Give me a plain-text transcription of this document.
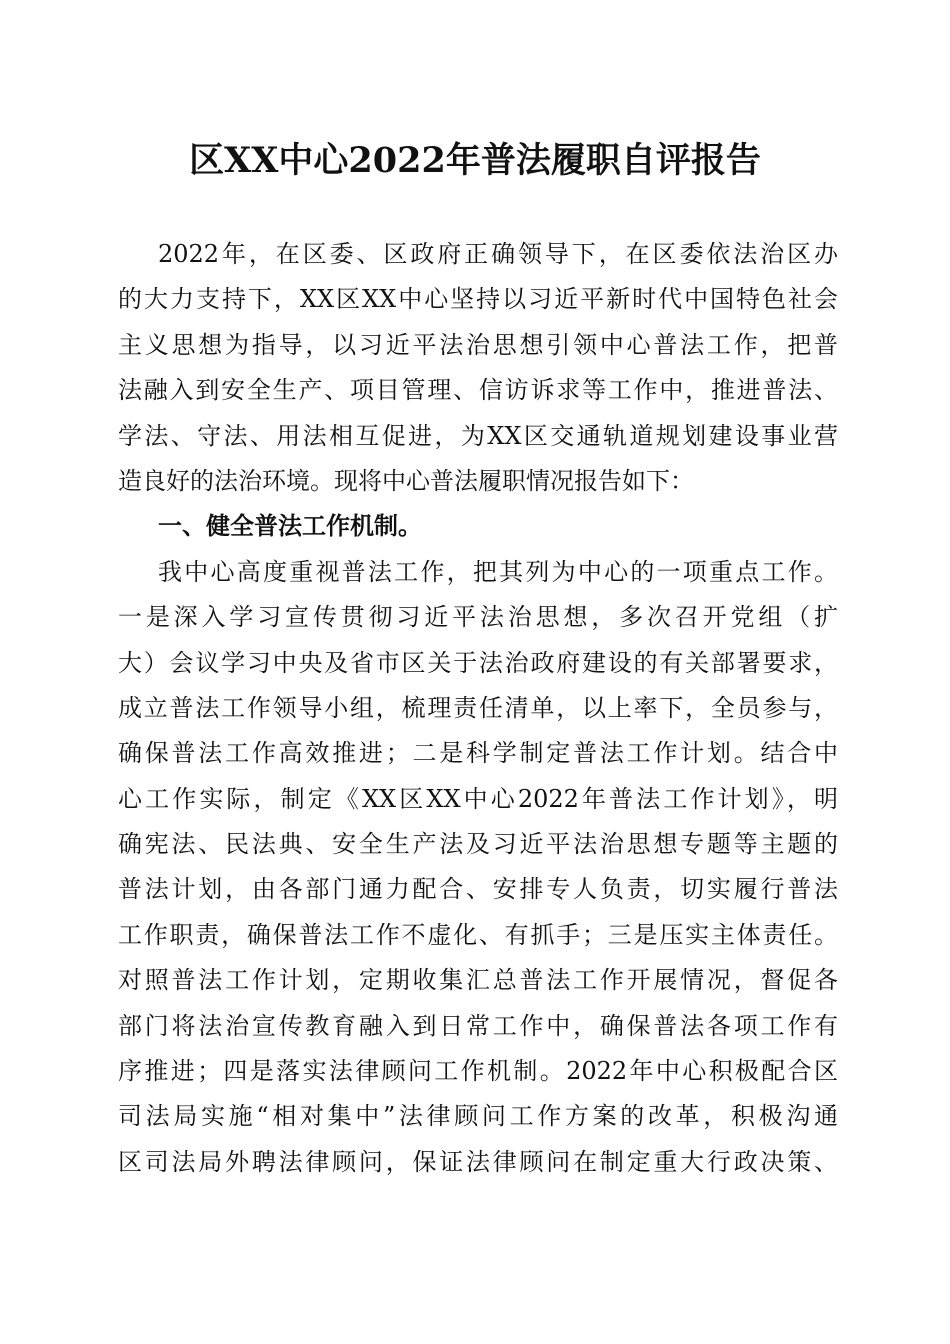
区XX中心2022年普法履职自评报告
2022年，在区委、区政府正确领导下，在区委依法治区办
的大力支持下，XX区XX中心坚持以习近平新时代中国特色社会
主义思想为指导，以习近平法治思想引领中心普法工作，把普
法融入到安全生产、项目管理、信访诉求等工作中，推进普法、
学法、守法、用法相互促进，为XX区交通轨道规划建设事业营
造良好的法治环境。现将中心普法履职情况报告如下：
一、健全普法工作机制。
我中心高度重视普法工作，把其列为中心的一项重点工作。
一是深入学习宣传贯彻习近平法治思想，多次召开党组（扩
大）会议学习中央及省市区关于法治政府建设的有关部署要求，
成立普法工作领导小组，梳理责任清单，以上率下，全员参与，
确保普法工作高效推进；二是科学制定普法工作计划。结合中
心工作实际，制定《XX区XX中心2022年普法工作计划》，明
确宪法、民法典、安全生产法及习近平法治思想专题等主题的
普法计划，由各部门通力配合、安排专人负责，切实履行普法
工作职责，确保普法工作不虚化、有抓手；三是压实主体责任。
对照普法工作计划，定期收集汇总普法工作开展情况，督促各
部门将法治宣传教育融入到日常工作中，确保普法各项工作有
序推进；四是落实法律顾问工作机制。2022年中心积极配合区
司法局实施“相对集中”法律顾问工作方案的改革，积极沟通
区司法局外聘法律顾问，保证法律顾问在制定重大行政决策、
